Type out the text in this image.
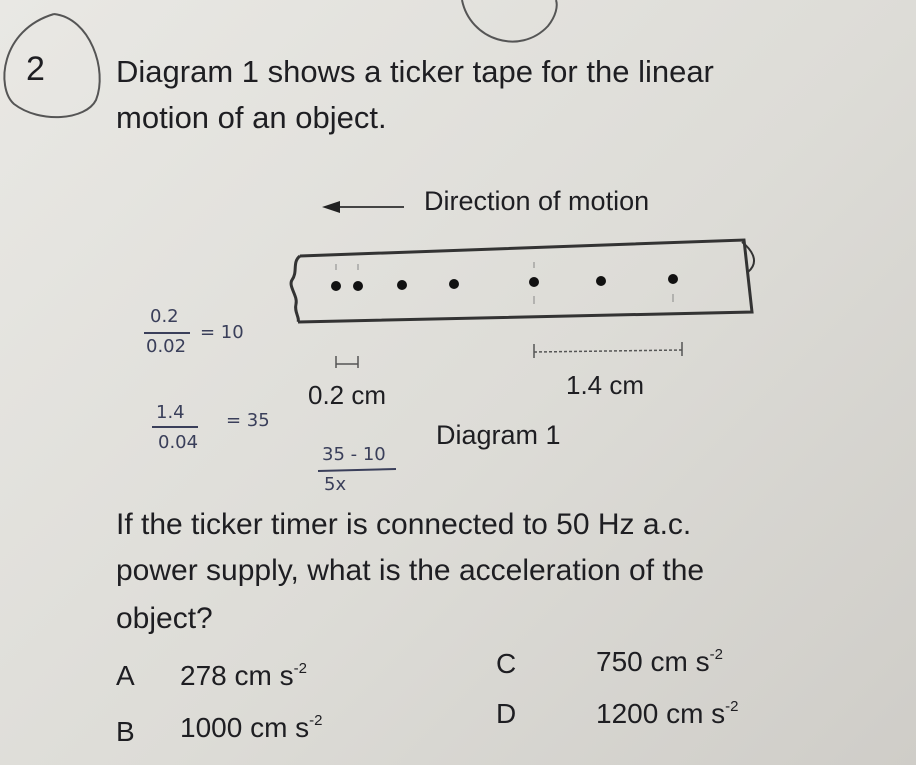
2 Diagram 1 shows a ticker tape for the linear
motion of an object.
Direction of motion
0.2 cm	1.4 cm
Diagram 1
0.2
0.02
= 10
1.4
0.04
= 35
35 - 10
5x
If the ticker timer is connected to 50 Hz a.c.
power supply, what is the acceleration of the
object?
A 278 cm $s^{-2}$
B 1000 cm $s^{-2}$
C	750 cm $s^{-2}$
D	1200 cm $s^{-2}$
